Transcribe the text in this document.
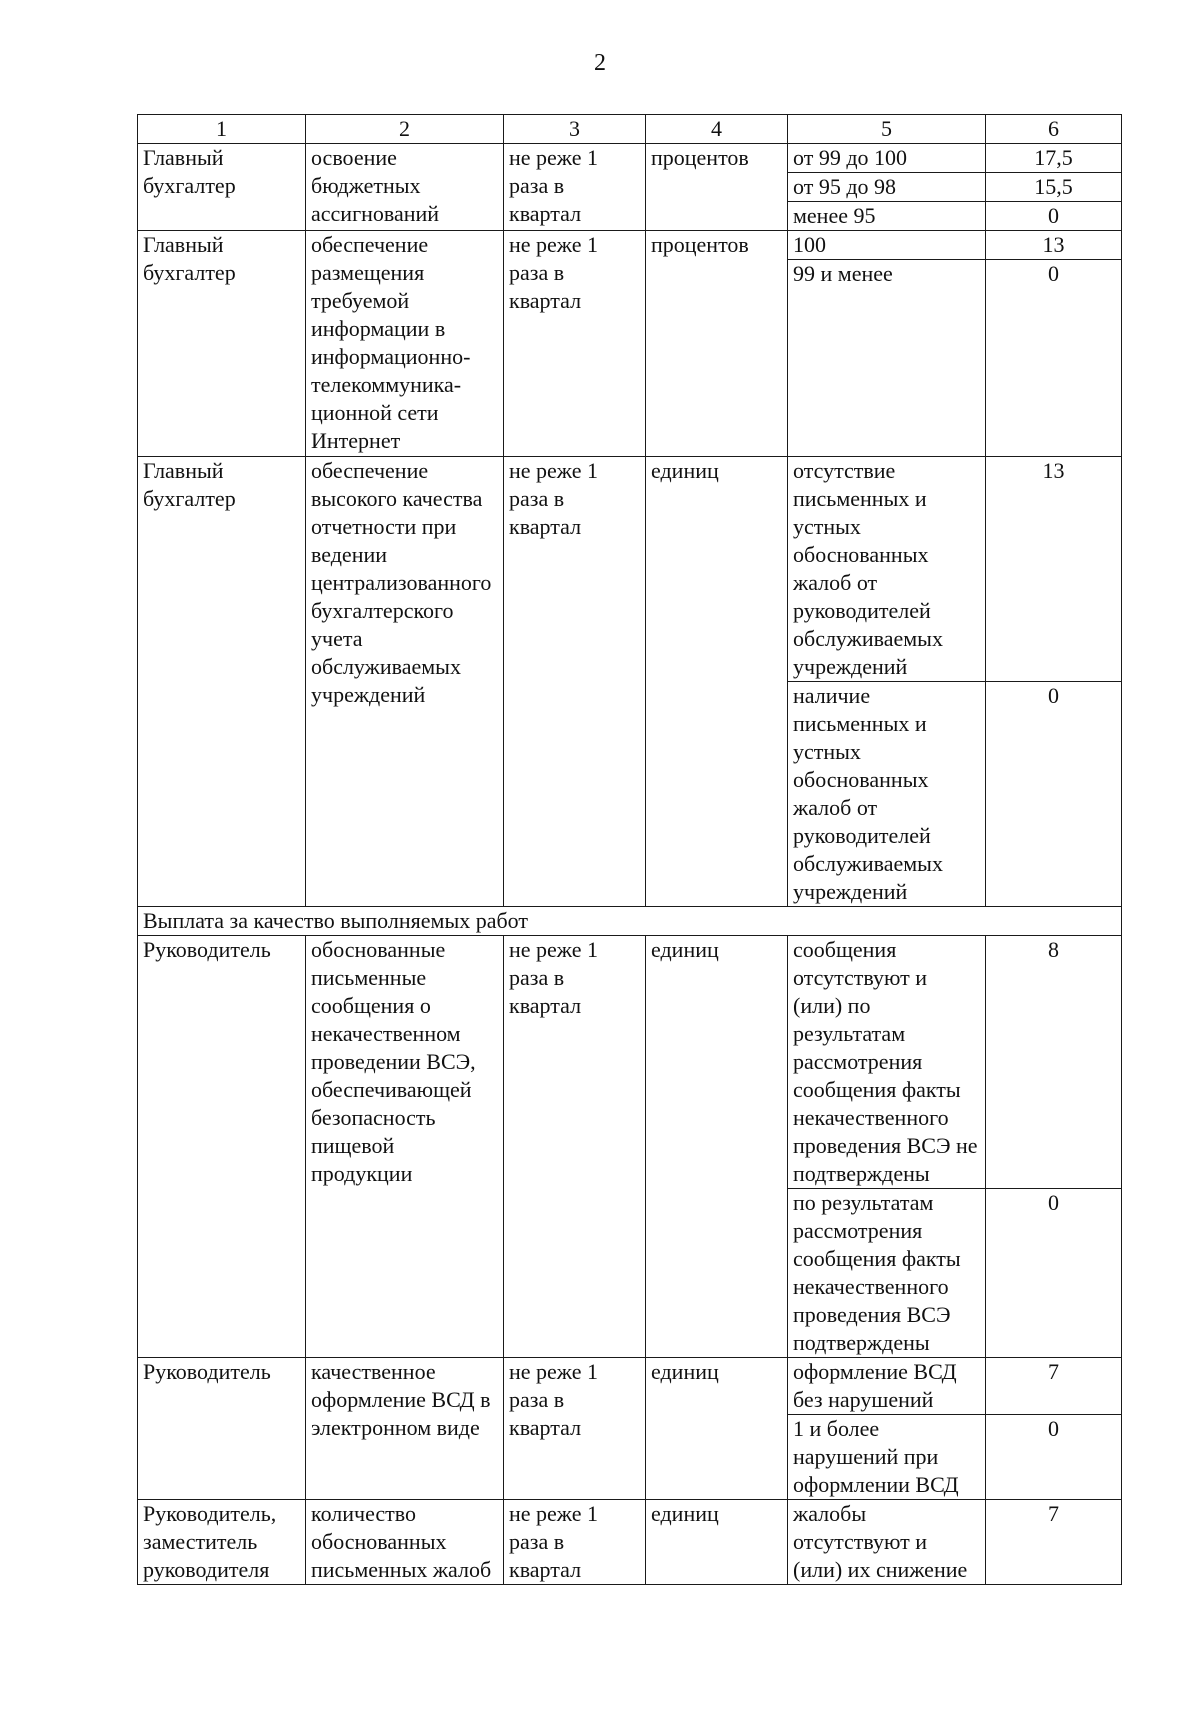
2
1	2	3	4	5	6
Главный бухгалтер	освоение бюджетных ассигнований	не реже 1 раза в квартал	процентов	от 99 до 100	17,5
				от 95 до 98	15,5
				менее 95	0
Главный бухгалтер	обеспечение размещения требуемой информации в информационно-телекоммуника-ционной сети Интернет	не реже 1 раза в квартал	процентов	100	13
				99 и менее	0
Главный бухгалтер	обеспечение высокого качества отчетности при ведении централизованного бухгалтерского учета обслуживаемых учреждений	не реже 1 раза в квартал	единиц	отсутствие письменных и устных обоснованных жалоб от руководителей обслуживаемых учреждений	13
				наличие письменных и устных обоснованных жалоб от руководителей обслуживаемых учреждений	0
Выплата за качество выполняемых работ					
Руководитель	обоснованные письменные сообщения о некачественном проведении ВСЭ, обеспечивающей безопасность пищевой продукции	не реже 1 раза в квартал	единиц	сообщения отсутствуют и (или) по результатам рассмотрения сообщения факты некачественного проведения ВСЭ не подтверждены	8
				по результатам рассмотрения сообщения факты некачественного проведения ВСЭ подтверждены	0
Руководитель	качественное оформление ВСД в электронном виде	не реже 1 раза в квартал	единиц	оформление ВСД без нарушений	7
				1 и более нарушений при оформлении ВСД	0
Руководитель, заместитель руководителя	количество обоснованных письменных жалоб	не реже 1 раза в квартал	единиц	жалобы отсутствуют и (или) их снижение	7
